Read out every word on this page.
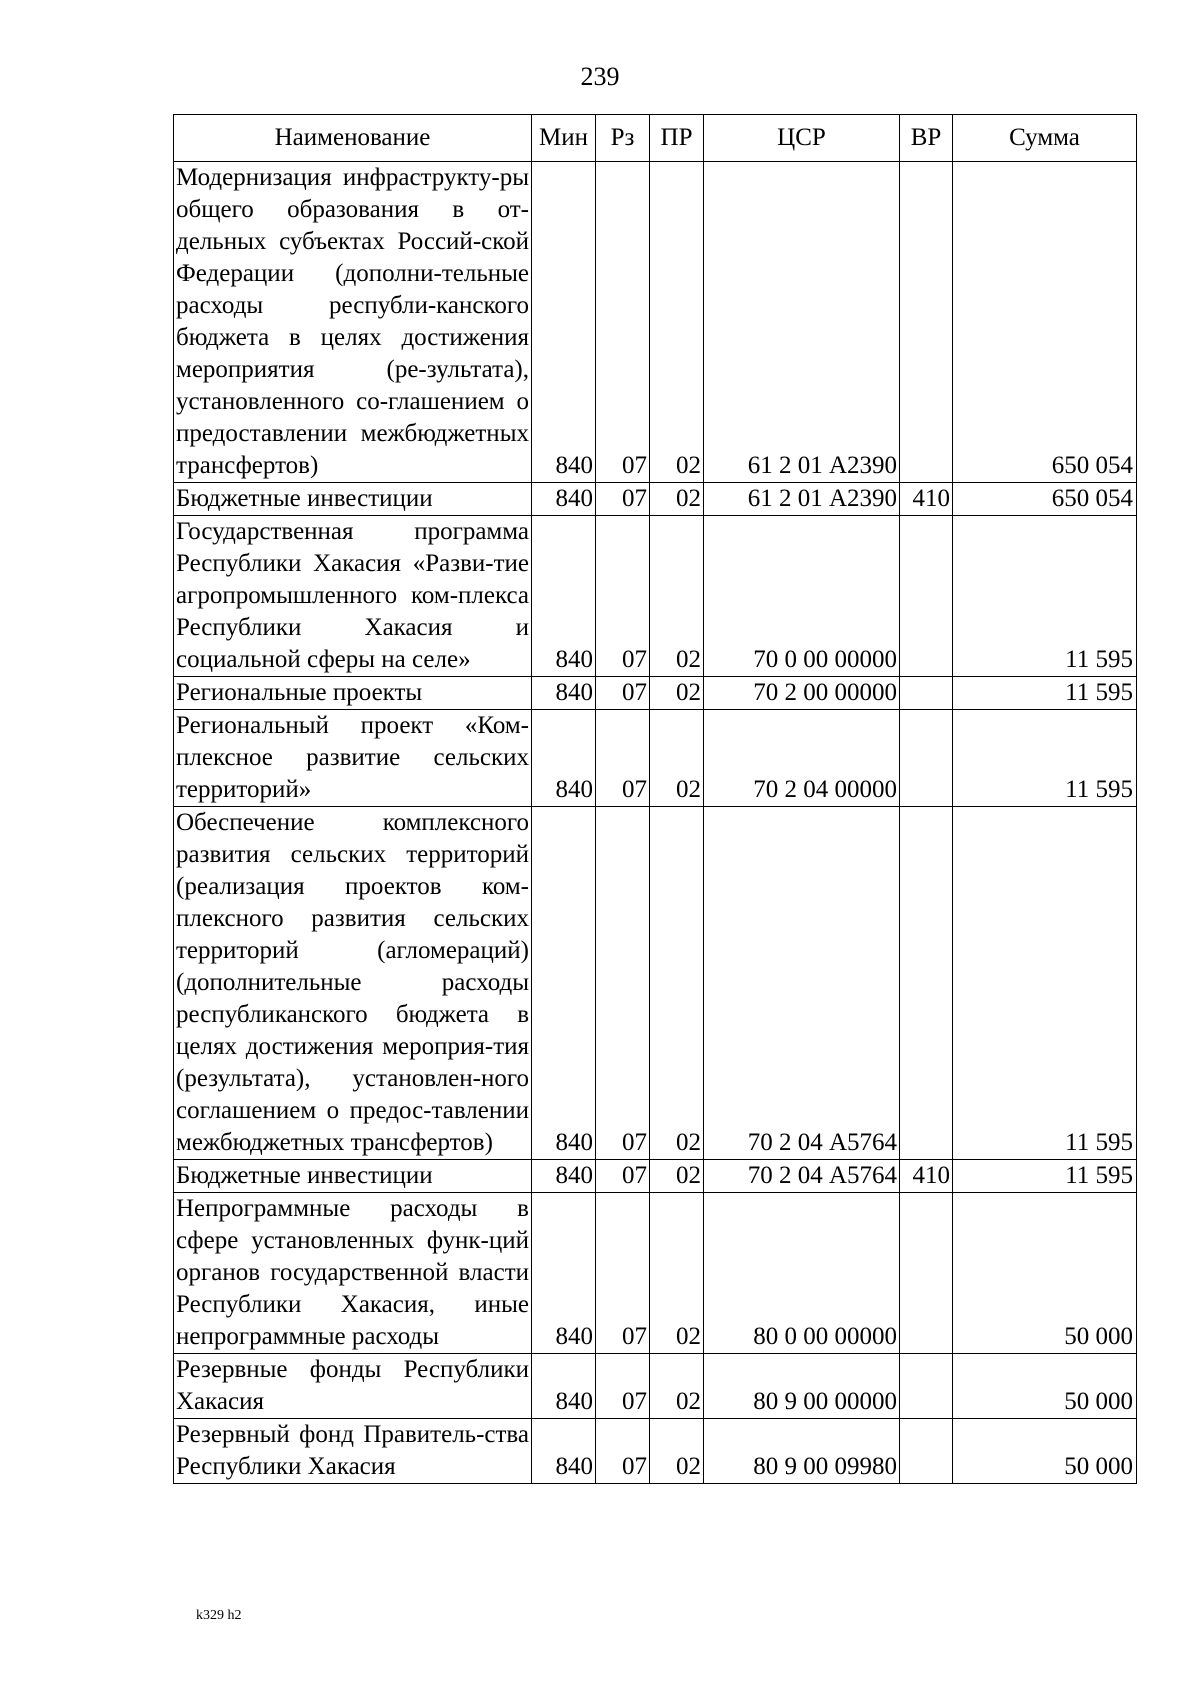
239
Наименование	Мин	Рз	ПР	ЦСР	ВР	Сумма
Модернизация инфраструкту-ры общего образования в от-дельных субъектах Россий-ской Федерации (дополни-тельные расходы республи-канского бюджета в целях достижения мероприятия (ре-зультата), установленного со-глашением о предоставлении межбюджетных трансфертов)	840	07	02	61 2 01 А2390		650 054
Бюджетные инвестиции	840	07	02	61 2 01 А2390	410	650 054
Государственная программа Республики Хакасия «Разви-тие агропромышленного ком-плекса Республики Хакасия и социальной сферы на селе»	840	07	02	70 0 00 00000		11 595
Региональные проекты	840	07	02	70 2 00 00000		11 595
Региональный проект «Ком-плексное развитие сельских территорий»	840	07	02	70 2 04 00000		11 595
Обеспечение комплексного развития сельских территорий (реализация проектов ком-плексного развития сельских территорий (агломераций) (дополнительные расходы республиканского бюджета в целях достижения мероприя-тия (результата), установлен-ного соглашением о предос-тавлении межбюджетных трансфертов)	840	07	02	70 2 04 А5764		11 595
Бюджетные инвестиции	840	07	02	70 2 04 А5764	410	11 595
Непрограммные расходы в сфере установленных функ-ций органов государственной власти Республики Хакасия, иные непрограммные расходы	840	07	02	80 0 00 00000		50 000
Резервные фонды Республики Хакасия	840	07	02	80 9 00 00000		50 000
Резервный фонд Правитель-ства Республики Хакасия	840	07	02	80 9 00 09980		50 000
k329 h2
